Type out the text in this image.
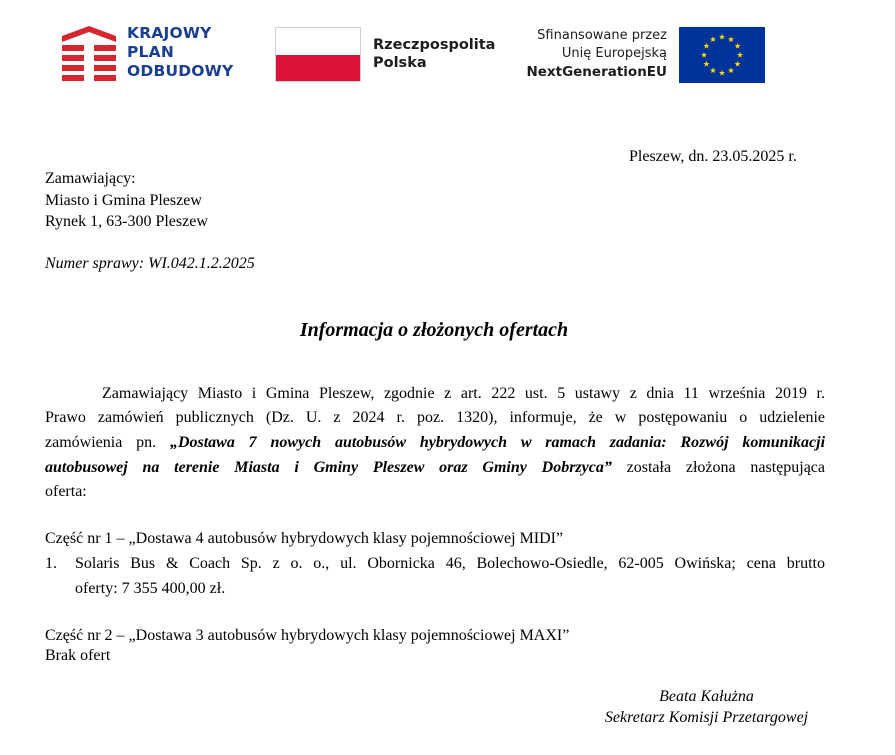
KRAJOWY
PLAN
ODBUDOWY
Rzeczpospolita
Polska
Sfinansowane przez
Unię Europejską
NextGenerationEU
Pleszew, dn. 23.05.2025 r.
Zamawiający:
Miasto i Gmina Pleszew
Rynek 1, 63-300 Pleszew
Numer sprawy: WI.042.1.2.2025
Informacja o złożonych ofertach
Zamawiający Miasto i Gmina Pleszew, zgodnie z art. 222 ust. 5 ustawy z dnia 11 września 2019 r.
Prawo zamówień publicznych (Dz. U. z 2024 r. poz. 1320), informuje, że w postępowaniu o udzielenie
zamówienia pn. „Dostawa 7 nowych autobusów hybrydowych w ramach zadania: Rozwój komunikacji
autobusowej na terenie Miasta i Gminy Pleszew oraz Gminy Dobrzyca” została złożona następująca
oferta:
Część nr 1 – „Dostawa 4 autobusów hybrydowych klasy pojemnościowej MIDI”
1. Solaris Bus & Coach Sp. z o. o., ul. Obornicka 46, Bolechowo-Osiedle, 62-005 Owińska; cena brutto
oferty: 7 355 400,00 zł.
Część nr 2 – „Dostawa 3 autobusów hybrydowych klasy pojemnościowej MAXI”
Brak ofert
Beata Kałużna
Sekretarz Komisji Przetargowej
